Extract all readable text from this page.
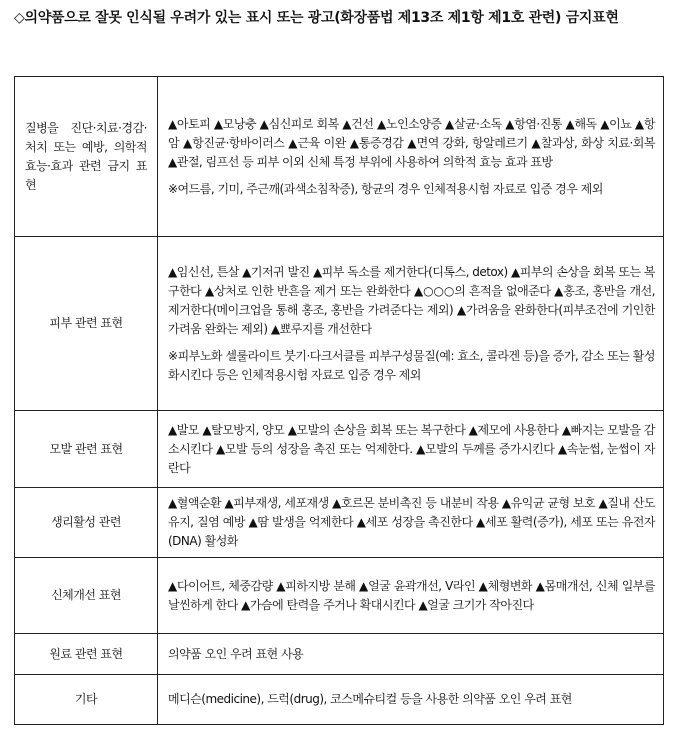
◇의약품으로 잘못 인식될 우려가 있는 표시 또는 광고(화장품법 제13조 제1항 제1호 관련) 금지표현
질병을 진단·치료·경감·처치 또는 예방, 의학적 효능·효과 관련 금지 표현	▲아토피 ▲모낭충 ▲심신피로 회복 ▲건선 ▲노인소양증 ▲살균·소독 ▲항염·진통 ▲해독 ▲이뇨 ▲항암 ▲항진균·항바이러스 ▲근육 이완 ▲통증경감 ▲면역 강화, 항알레르기 ▲찰과상, 화상 치료·회복 ▲관절, 림프선 등 피부 이외 신체 특정 부위에 사용하여 의학적 효능 효과 표방
※여드름, 기미, 주근깨(과색소침착증), 항균의 경우 인체적용시험 자료로 입증 경우 제외

피부 관련 표현	▲임신선, 튼살 ▲기저귀 발진 ▲피부 독소를 제거한다(디톡스, detox) ▲피부의 손상을 회복 또는 복구한다 ▲상처로 인한 반흔을 제거 또는 완화한다 ▲○○○의 흔적을 없애준다 ▲홍조, 홍반을 개선, 제거한다(메이크업을 통해 홍조, 홍반을 가려준다는 제외) ▲가려움을 완화한다(피부조건에 기인한 가려움 완화는 제외) ▲뾰루지를 개선한다
※피부노화 셀룰라이트 붓기·다크서클를 피부구성물질(예: 효소, 콜라겐 등)을 증가, 감소 또는 활성화시킨다 등은 인체적용시험 자료로 입증 경우 제외

모발 관련 표현	▲발모 ▲탈모방지, 양모 ▲모발의 손상을 회복 또는 복구한다 ▲제모에 사용한다 ▲빠지는 모발을 감소시킨다 ▲모발 등의 성장을 촉진 또는 억제한다. ▲모발의 두께를 증가시킨다 ▲속눈썹, 눈썹이 자란다
생리활성 관련	▲혈액순환 ▲피부재생, 세포재생 ▲호르몬 분비촉진 등 내분비 작용 ▲유익균 균형 보호 ▲질내 산도 유지, 질염 예방 ▲땀 발생을 억제한다 ▲세포 성장을 촉진한다 ▲세포 활력(증가), 세포 또는 유전자(DNA) 활성화
신체개선 표현	▲다이어트, 체중감량 ▲피하지방 분해 ▲얼굴 윤곽개선, V라인 ▲체형변화 ▲몸매개선, 신체 일부를 날씬하게 한다 ▲가슴에 탄력을 주거나 확대시킨다 ▲얼굴 크기가 작아진다
원료 관련 표현	의약품 오인 우려 표현 사용
기타	메디슨(medicine), 드럭(drug), 코스메슈티컬 등을 사용한 의약품 오인 우려 표현
